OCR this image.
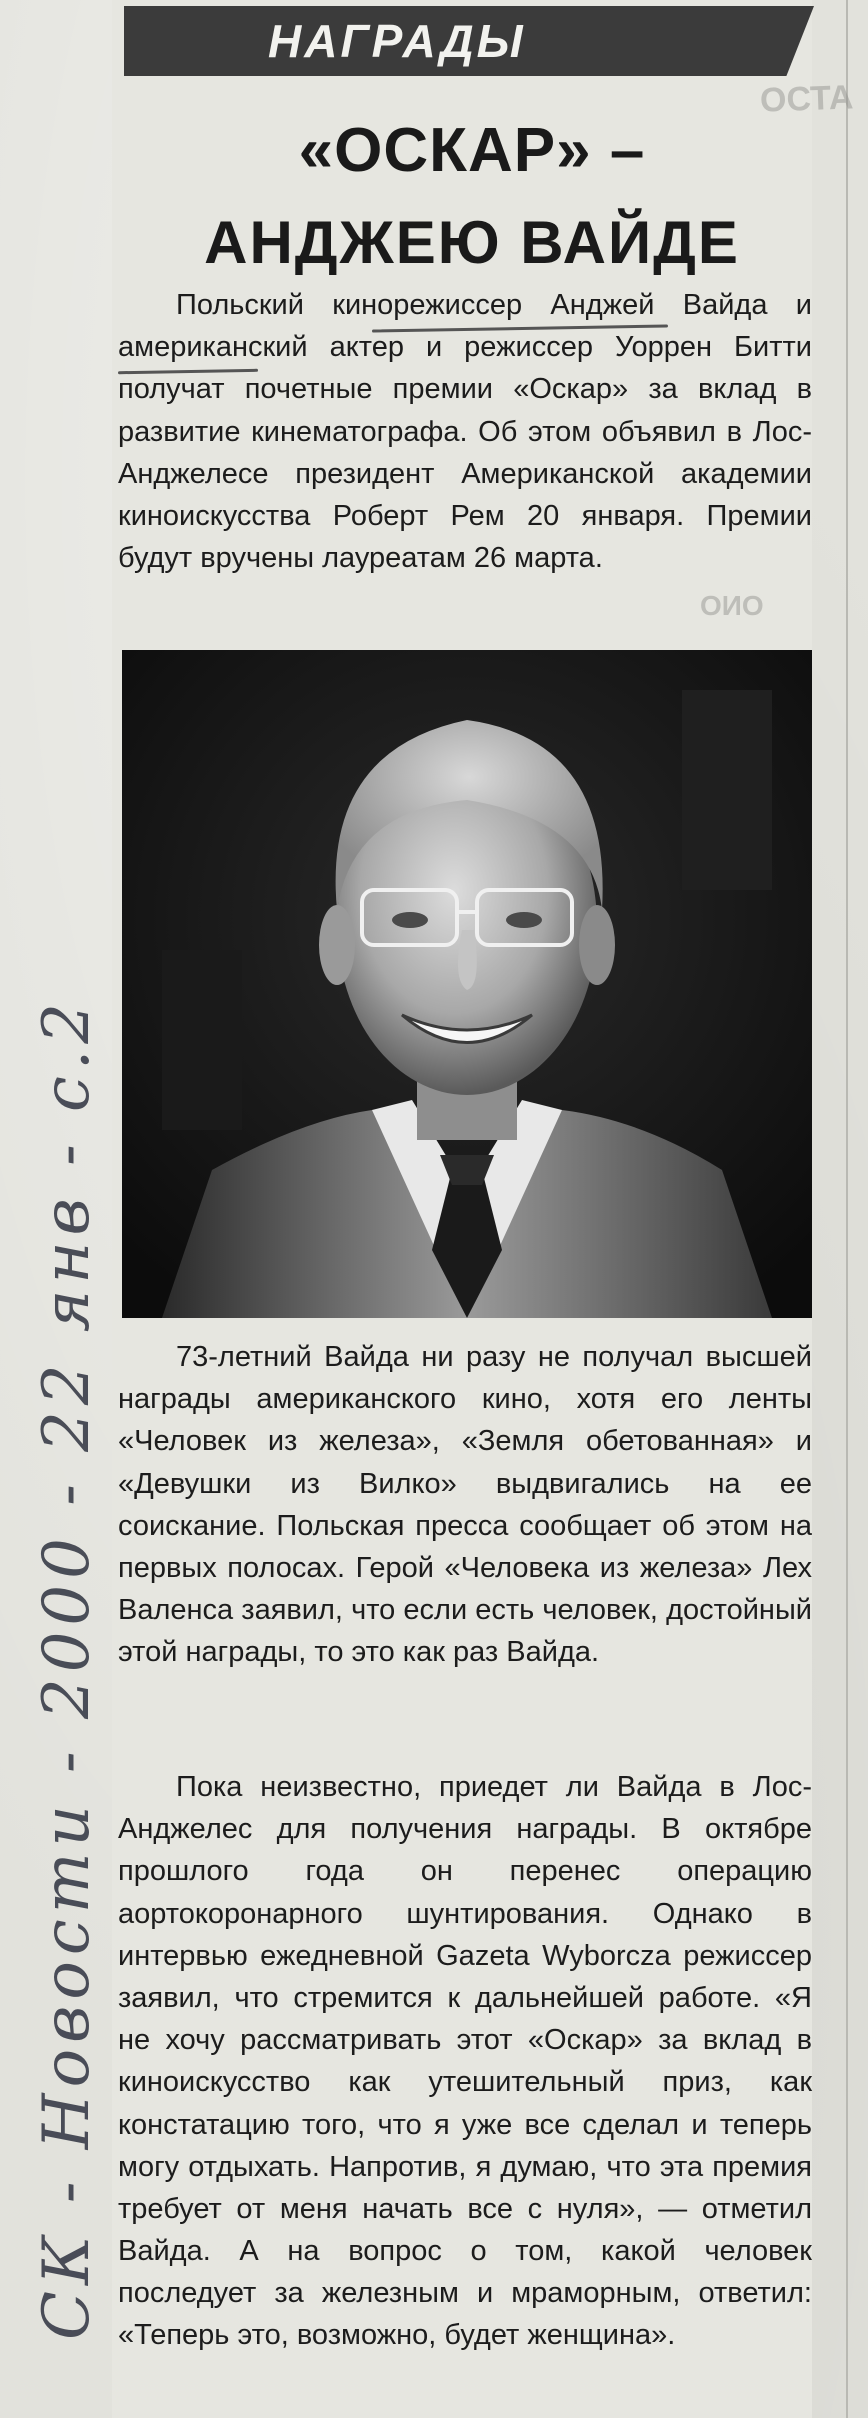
ОСТА
ОИО
НАГРАДЫ
«ОСКАР» –
АНДЖЕЮ ВАЙДЕ

Польский кинорежиссер Анджей Вайда и американский актер и режиссер Уоррен Битти получат почетные премии «Оскар» за вклад в развитие кинематографа. Об этом объявил в Лос-Анджелесе президент Американской академии киноискусства Роберт Рем 20 января. Премии будут вручены лауреатам 26 марта.

73-летний Вайда ни разу не получал высшей награды американского кино, хотя его ленты «Человек из железа», «Земля обетованная» и «Девушки из Вилко» выдвигались на ее соискание. Польская пресса сообщает об этом на первых полосах. Герой «Человека из железа» Лех Валенса заявил, что если есть человек, достойный этой награды, то это как раз Вайда.

Пока неизвестно, приедет ли Вайда в Лос-Анджелес для получения награды. В октябре прошлого года он перенес операцию аортокоронарного шунтирования. Однако в интервью ежедневной Gazeta Wyborcza режиссер заявил, что стремится к дальнейшей работе. «Я не хочу рассматривать этот «Оскар» за вклад в киноискусство как утешительный приз, как констатацию того, что я уже все сделал и теперь могу отдыхать. Напротив, я думаю, что эта премия требует от меня начать все с нуля», — отметил Вайда. А на вопрос о том, какой человек последует за железным и мраморным, ответил: «Теперь это, возможно, будет женщина».

СК - Новости - 2000 - 22 янв - с.2
